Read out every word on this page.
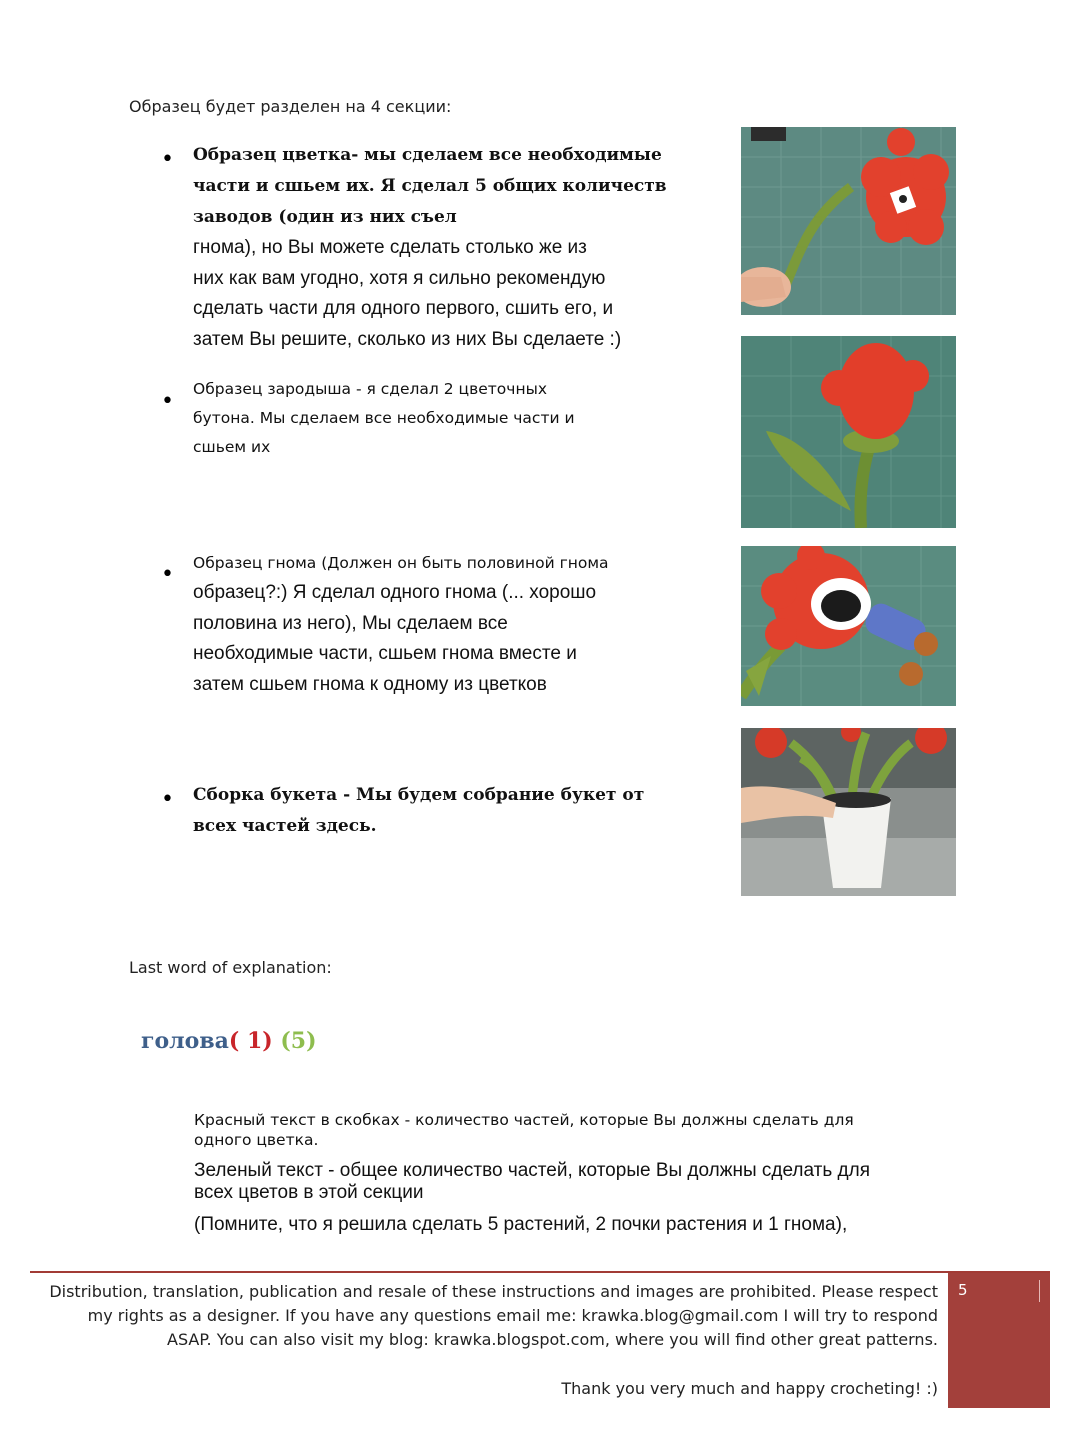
Образец будет разделен на 4 секции:
• Образец цветка- мы сделаем все необходимые
части и сшьем их. Я сделал 5 общих количеств
заводов (один из них съел
гнома), но Вы можете сделать столько же из
них как вам угодно, хотя я сильно рекомендую
сделать части для одного первого, сшить его, и
затем Вы решите, сколько из них Вы сделаете :)
• Образец зародыша - я сделал 2 цветочных
бутона. Мы сделаем все необходимые части и
сшьем их
• Образец гнома (Должен он быть половиной гнома
образец?:) Я сделал одного гнома (... хорошо
половина из него), Мы сделаем все
необходимые части, сшьем гнома вместе и
затем сшьем гнома к одному из цветков
• Сборка букета - Мы будем собрание букет от
всех частей здесь.
Last word of explanation:
голова( 1) (5)
Красный текст в скобках - количество частей, которые Вы должны сделать для
одного цветка.
Зеленый текст - общее количество частей, которые Вы должны сделать для
всех цветов в этой секции
(Помните, что я решила сделать 5 растений, 2 почки растения и 1 гнома),
Distribution, translation, publication and resale of these instructions and images are prohibited. Please respect
my rights as a designer. If you have any questions email me: krawka.blog@gmail.com I will try to respond
ASAP. You can also visit my blog: krawka.blogspot.com, where you will find other great patterns.
Thank you very much and happy crocheting! :)
5
